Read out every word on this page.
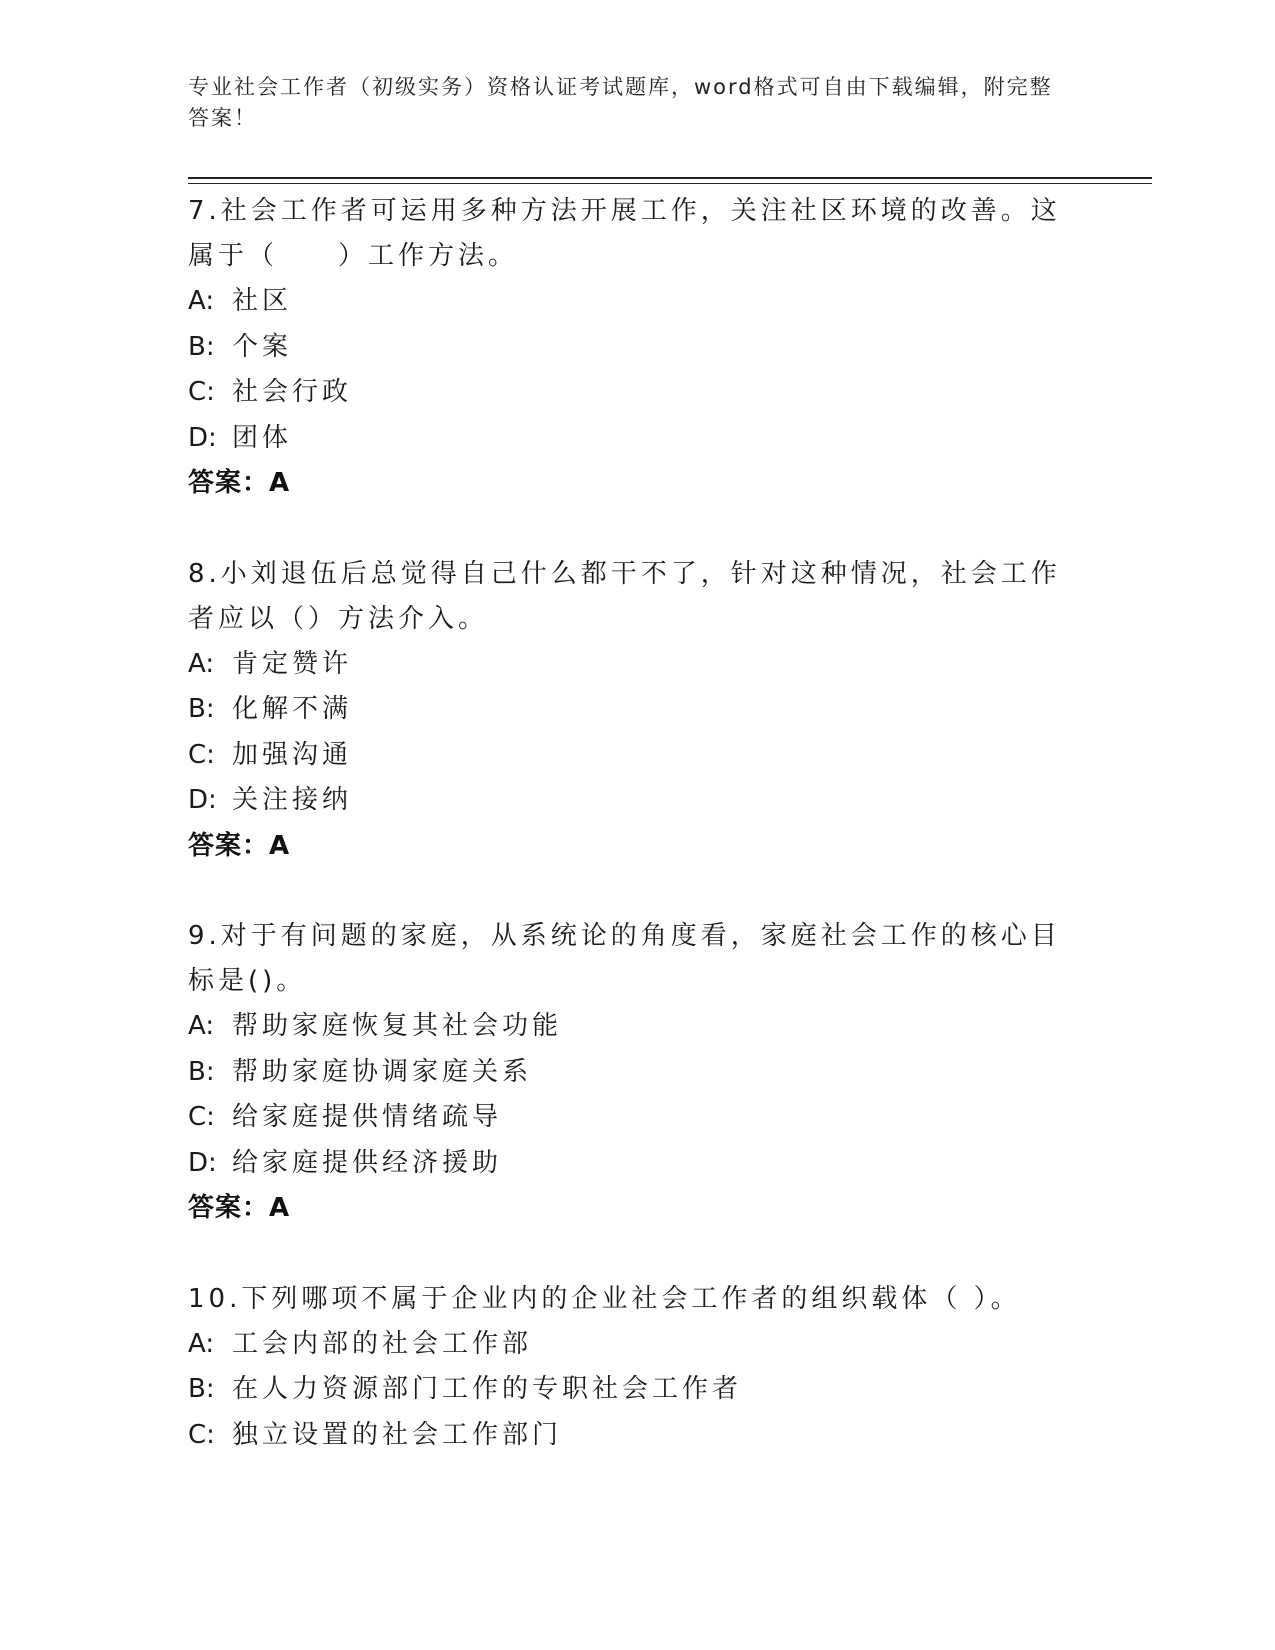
专业社会工作者（初级实务）资格认证考试题库，word格式可自由下载编辑，附完整答案！
7.社会工作者可运用多种方法开展工作，关注社区环境的改善。这属于（　　）工作方法。
A: 社区
B: 个案
C: 社会行政
D: 团体
答案：A
8.小刘退伍后总觉得自己什么都干不了，针对这种情况，社会工作者应以（）方法介入。
A: 肯定赞许
B: 化解不满
C: 加强沟通
D: 关注接纳
答案：A
9.对于有问题的家庭，从系统论的角度看，家庭社会工作的核心目标是()。
A: 帮助家庭恢复其社会功能
B: 帮助家庭协调家庭关系
C: 给家庭提供情绪疏导
D: 给家庭提供经济援助
答案：A
10.下列哪项不属于企业内的企业社会工作者的组织载体（ ）。
A: 工会内部的社会工作部
B: 在人力资源部门工作的专职社会工作者
C: 独立设置的社会工作部门
